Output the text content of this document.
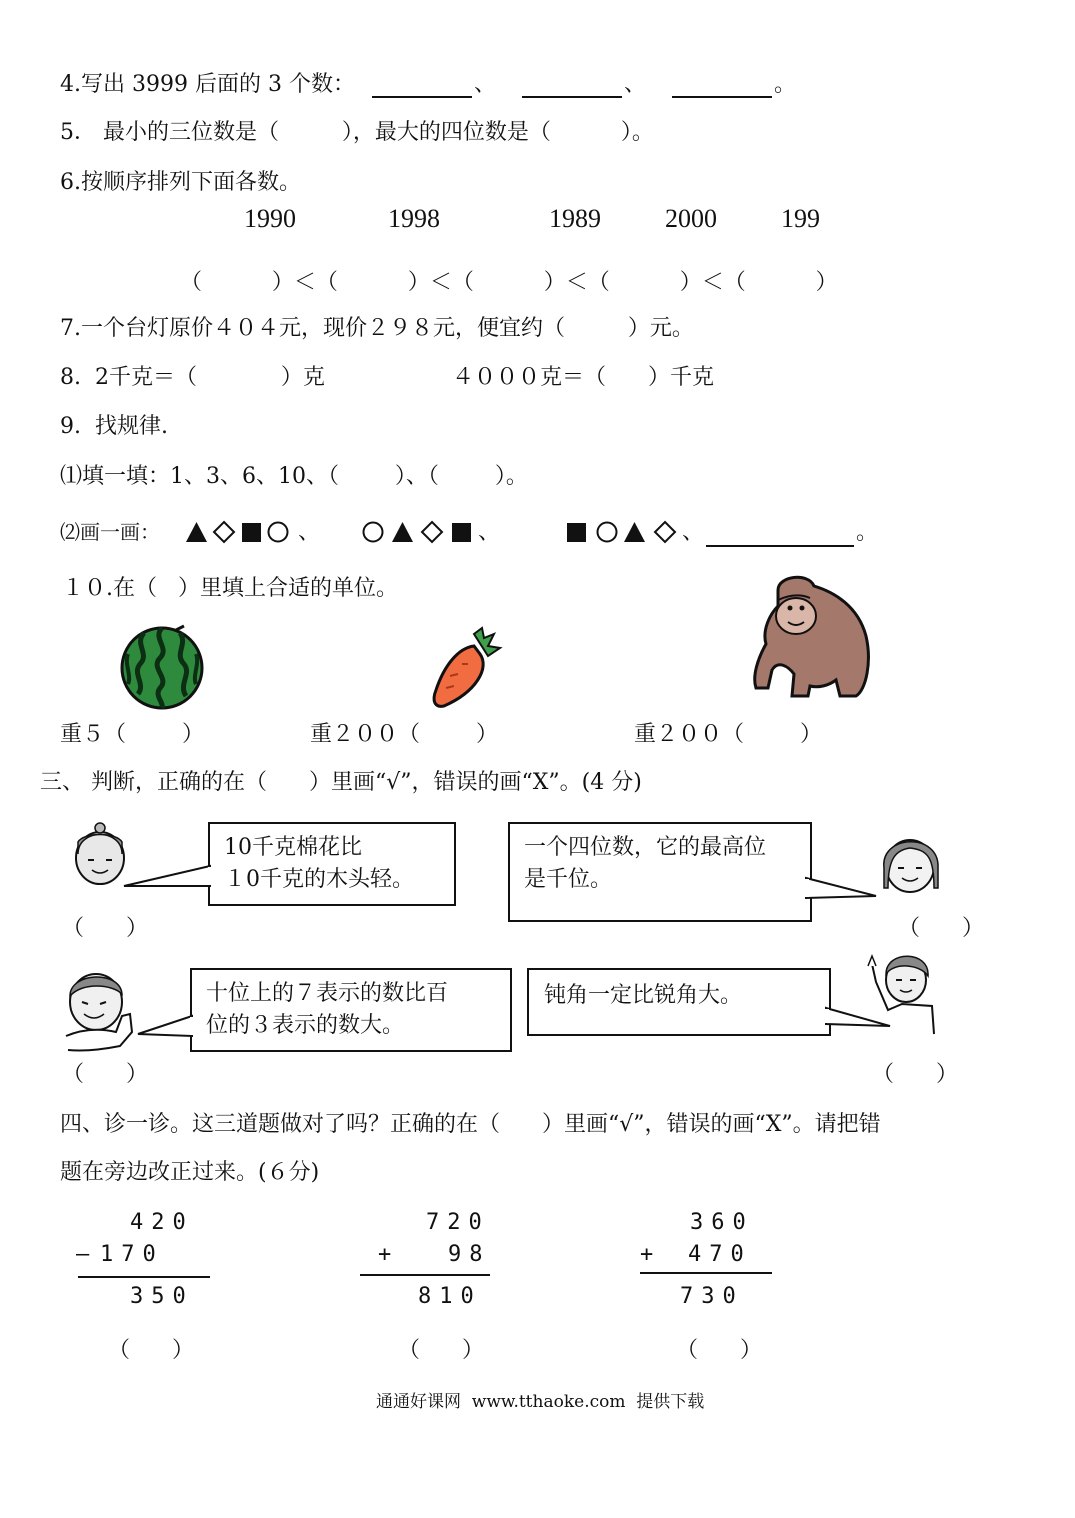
4.写出 3999 后面的 3 个数：	、	、	。
5． 最小的三位数是（         ），最大的四位数是（          ）。
6.按顺序排列下面各数。
1990	1998	1989 2000 199
（          ）＜（          ）＜（          ）＜（          ）＜（          ）
7.一个台灯原价４０４元，现价２９８元，便宜约（         ）元。
8.  2千克＝（            ）克	４０００克＝（      ）千克
9.  找规律.
⑴填一填：1、3、6、10、（        ）、（        ）。
⑵画一画：	、	、	、	。
１０.在（   ）里填上合适的单位。
重５（        ）	重２００（        ）	重２００（        ）
三、 判断，正确的在（      ）里画“√”，错误的画“X”。(4 分)
10千克棉花比
１0千克的木头轻。
（      ）
一个四位数，它的最高位
是千位。
（      ）
十位上的７表示的数比百
位的３表示的数大。
（      ）
钝角一定比锐角大。
（      ）
四、诊一诊。这三道题做对了吗？正确的在（      ）里画“√”，错误的画“X”。请把错
题在旁边改正过来。(６分)
420
— 170
350
（      ）
720
+	98
810
（      ）
360
+ 470
730
（      ）
通通好课网  www.tthaoke.com  提供下载
